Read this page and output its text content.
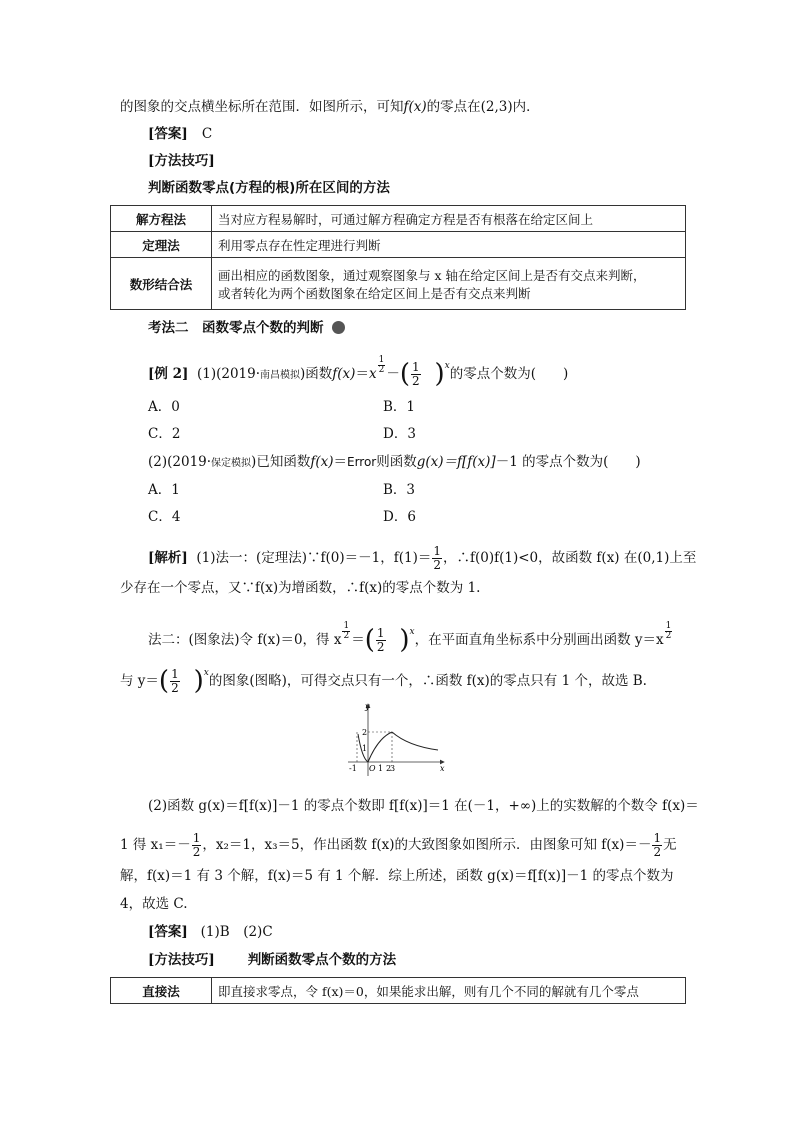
的图象的交点横坐标所在范围．如图所示，可知f(x)的零点在(2,3)内．
[答案] C
[方法技巧]
判断函数零点(方程的根)所在区间的方法
解方程法	当对应方程易解时，可通过解方程确定方程是否有根落在给定区间上
定理法	利用零点存在性定理进行判断
数形结合法	画出相应的函数图象，通过观察图象与 x 轴在给定区间上是否有交点来判断，
或者转化为两个函数图象在给定区间上是否有交点来判断
考法二　函数零点个数的判断
[例 2] (1)(2019·南昌模拟)函数f(x)＝x $^{\frac{1}{2}}$ －( $\frac{1}{2} )^x$的零点个数为(　　)
A．0	B．1
C．2	D．3
(2)(2019·保定模拟)已知函数f(x)＝Error则函数g(x)＝f[f(x)]－1 的零点个数为(　　)
A．1	B．3
C．4	D．6
[解析] (1)法一：(定理法)∵f(0)＝－1，$f(1)= \frac{1}{2}$ ，∴f(0)f(1)<0，故函数 f(x) 在(0,1)上至
少存在一个零点，又∵f(x)为增函数，∴f(x)的零点个数为 1.
法二：(图象法)令 f(x)＝0，得 x $^{\frac{1}{2}}$ ＝( $\frac{1}{2} )^x$，在平面直角坐标系中分别画出函数 y＝x $^{\frac{1}{2}}$
与 $y=( \frac{1}{2} )^x$的图象(图略)，可得交点只有一个，∴函数 f(x)的零点只有 1 个，故选 B.
y
x
O
-1	1 2
3
2
1
(2)函数 g(x)＝f[f(x)]－1 的零点个数即 f[f(x)]＝1 在(－1，+∞)上的实数解的个数令 f(x)＝
1 得 $x_1=- \frac{1}{2}$ ，x₂＝1，x₃＝5，作出函数 f(x)的大致图象如图所示．由图象可知 $f(x)=- \frac{1}{2}$ 无
解，f(x)＝1 有 3 个解，f(x)＝5 有 1 个解．综上所述，函数 g(x)＝f[f(x)]－1 的零点个数为
4，故选 C.
[答案] (1)B　(2)C
[方法技巧] 判断函数零点个数的方法
直接法	即直接求零点，令 f(x)＝0，如果能求出解，则有几个不同的解就有几个零点
